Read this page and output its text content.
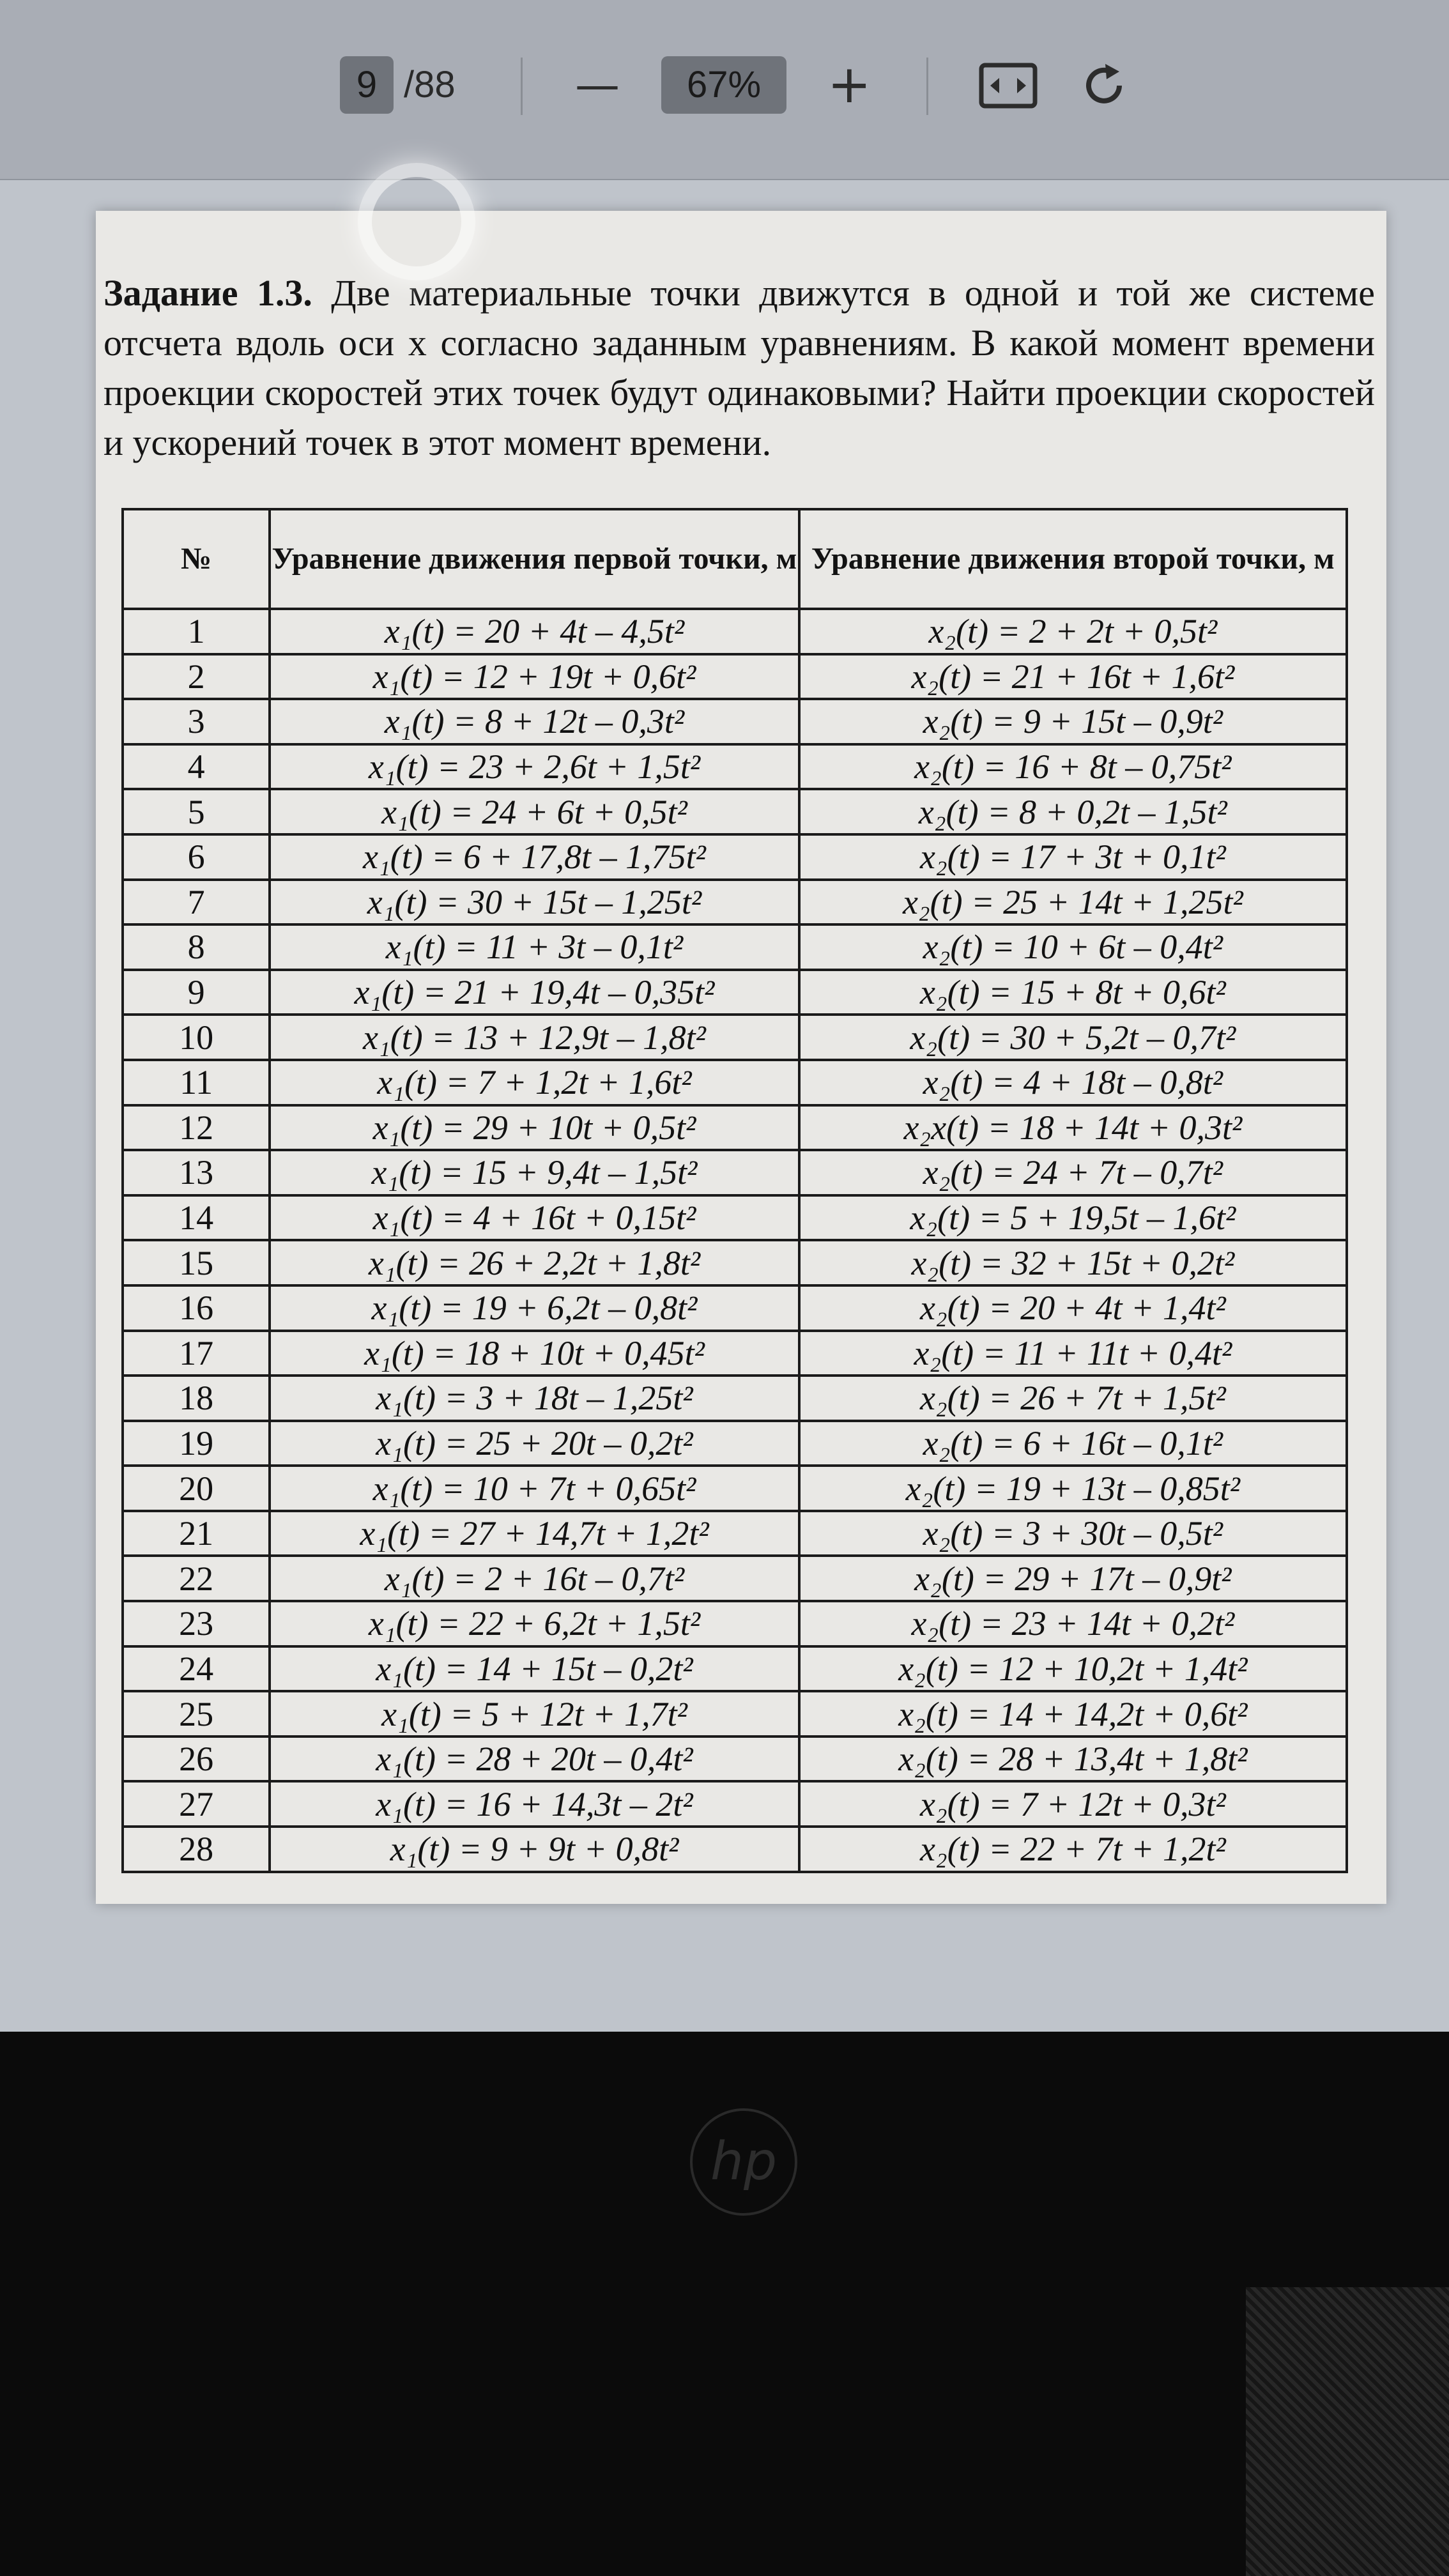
9 /88	—	67%	+
Задание 1.3. Две материальные точки движутся в одной и той же системе отсчета вдоль оси x согласно заданным уравнениям. В какой момент времени проекции скоростей этих точек будут одинаковыми? Найти проекции скоростей и ускорений точек в этот момент времени.
№	Уравнение движения первой точки, м	Уравнение движения второй точки, м
1	x₁(t) = 20 + 4t – 4,5t²	x₂(t) = 2 + 2t + 0,5t²
2	x₁(t) = 12 + 19t + 0,6t²	x₂(t) = 21 + 16t + 1,6t²
3	x₁(t) = 8 + 12t – 0,3t²	x₂(t) = 9 + 15t – 0,9t²
4	x₁(t) = 23 + 2,6t + 1,5t²	x₂(t) = 16 + 8t – 0,75t²
5	x₁(t) = 24 + 6t + 0,5t²	x₂(t) = 8 + 0,2t – 1,5t²
6	x₁(t) = 6 + 17,8t – 1,75t²	x₂(t) = 17 + 3t + 0,1t²
7	x₁(t) = 30 + 15t – 1,25t²	x₂(t) = 25 + 14t + 1,25t²
8	x₁(t) = 11 + 3t – 0,1t²	x₂(t) = 10 + 6t – 0,4t²
9	x₁(t) = 21 + 19,4t – 0,35t²	x₂(t) = 15 + 8t + 0,6t²
10	x₁(t) = 13 + 12,9t – 1,8t²	x₂(t) = 30 + 5,2t – 0,7t²
11	x₁(t) = 7 + 1,2t + 1,6t²	x₂(t) = 4 + 18t – 0,8t²
12	x₁(t) = 29 + 10t + 0,5t²	x₂x(t) = 18 + 14t + 0,3t²
13	x₁(t) = 15 + 9,4t – 1,5t²	x₂(t) = 24 + 7t – 0,7t²
14	x₁(t) = 4 + 16t + 0,15t²	x₂(t) = 5 + 19,5t – 1,6t²
15	x₁(t) = 26 + 2,2t + 1,8t²	x₂(t) = 32 + 15t + 0,2t²
16	x₁(t) = 19 + 6,2t – 0,8t²	x₂(t) = 20 + 4t + 1,4t²
17	x₁(t) = 18 + 10t + 0,45t²	x₂(t) = 11 + 11t + 0,4t²
18	x₁(t) = 3 + 18t – 1,25t²	x₂(t) = 26 + 7t + 1,5t²
19	x₁(t) = 25 + 20t – 0,2t²	x₂(t) = 6 + 16t – 0,1t²
20	x₁(t) = 10 + 7t + 0,65t²	x₂(t) = 19 + 13t – 0,85t²
21	x₁(t) = 27 + 14,7t + 1,2t²	x₂(t) = 3 + 30t – 0,5t²
22	x₁(t) = 2 + 16t – 0,7t²	x₂(t) = 29 + 17t – 0,9t²
23	x₁(t) = 22 + 6,2t + 1,5t²	x₂(t) = 23 + 14t + 0,2t²
24	x₁(t) = 14 + 15t – 0,2t²	x₂(t) = 12 + 10,2t + 1,4t²
25	x₁(t) = 5 + 12t + 1,7t²	x₂(t) = 14 + 14,2t + 0,6t²
26	x₁(t) = 28 + 20t – 0,4t²	x₂(t) = 28 + 13,4t + 1,8t²
27	x₁(t) = 16 + 14,3t – 2t²	x₂(t) = 7 + 12t + 0,3t²
28	x₁(t) = 9 + 9t + 0,8t²	x₂(t) = 22 + 7t + 1,2t²
hp
